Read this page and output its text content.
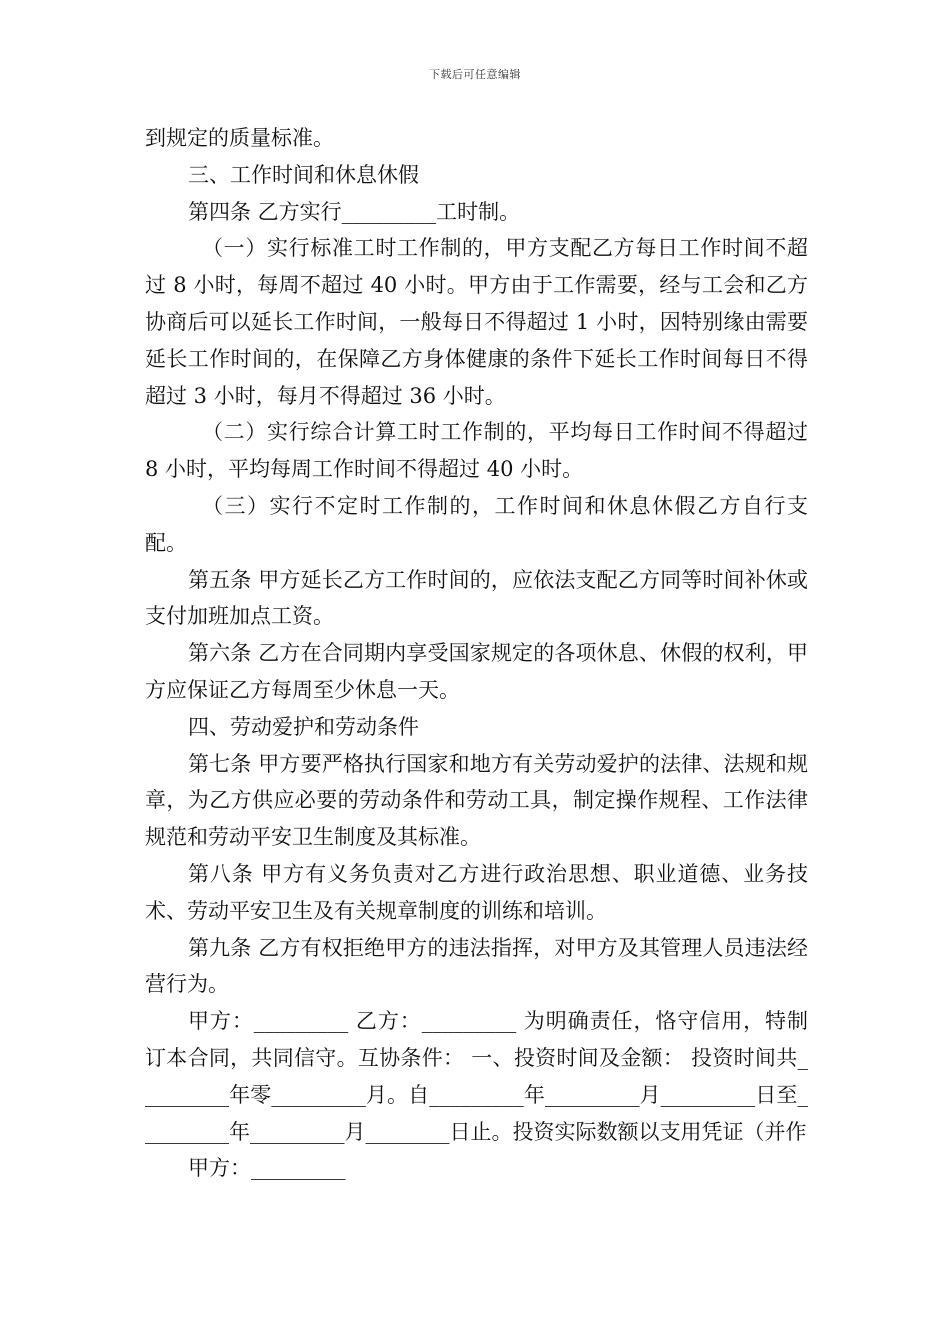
下载后可任意编辑

到规定的质量标准。

三、工作时间和休息休假

第四条 乙方实行_________工时制。

（一）实行标准工时工作制的，甲方支配乙方每日工作时间不超过 8 小时，每周不超过 40 小时。甲方由于工作需要，经与工会和乙方协商后可以延长工作时间，一般每日不得超过 1 小时，因特别缘由需要延长工作时间的，在保障乙方身体健康的条件下延长工作时间每日不得超过 3 小时，每月不得超过 36 小时。

（二）实行综合计算工时工作制的，平均每日工作时间不得超过 8 小时，平均每周工作时间不得超过 40 小时。

（三）实行不定时工作制的，工作时间和休息休假乙方自行支配。

第五条 甲方延长乙方工作时间的，应依法支配乙方同等时间补休或支付加班加点工资。

第六条 乙方在合同期内享受国家规定的各项休息、休假的权利，甲方应保证乙方每周至少休息一天。

四、劳动爱护和劳动条件

第七条 甲方要严格执行国家和地方有关劳动爱护的法律、法规和规章，为乙方供应必要的劳动条件和劳动工具，制定操作规程、工作法律规范和劳动平安卫生制度及其标准。

第八条 甲方有义务负责对乙方进行政治思想、职业道德、业务技术、劳动平安卫生及有关规章制度的训练和培训。

第九条 乙方有权拒绝甲方的违法指挥，对甲方及其管理人员违法经营行为。

甲方：_________ 乙方：_________ 为明确责任，恪守信用，特制订本合同，共同信守。互协条件： 一、投资时间及金额： 投资时间共_________年零_________月。自_________年_________月_________日至_________年_________月________日止。投资实际数额以支用凭证（并作

甲方：_________
